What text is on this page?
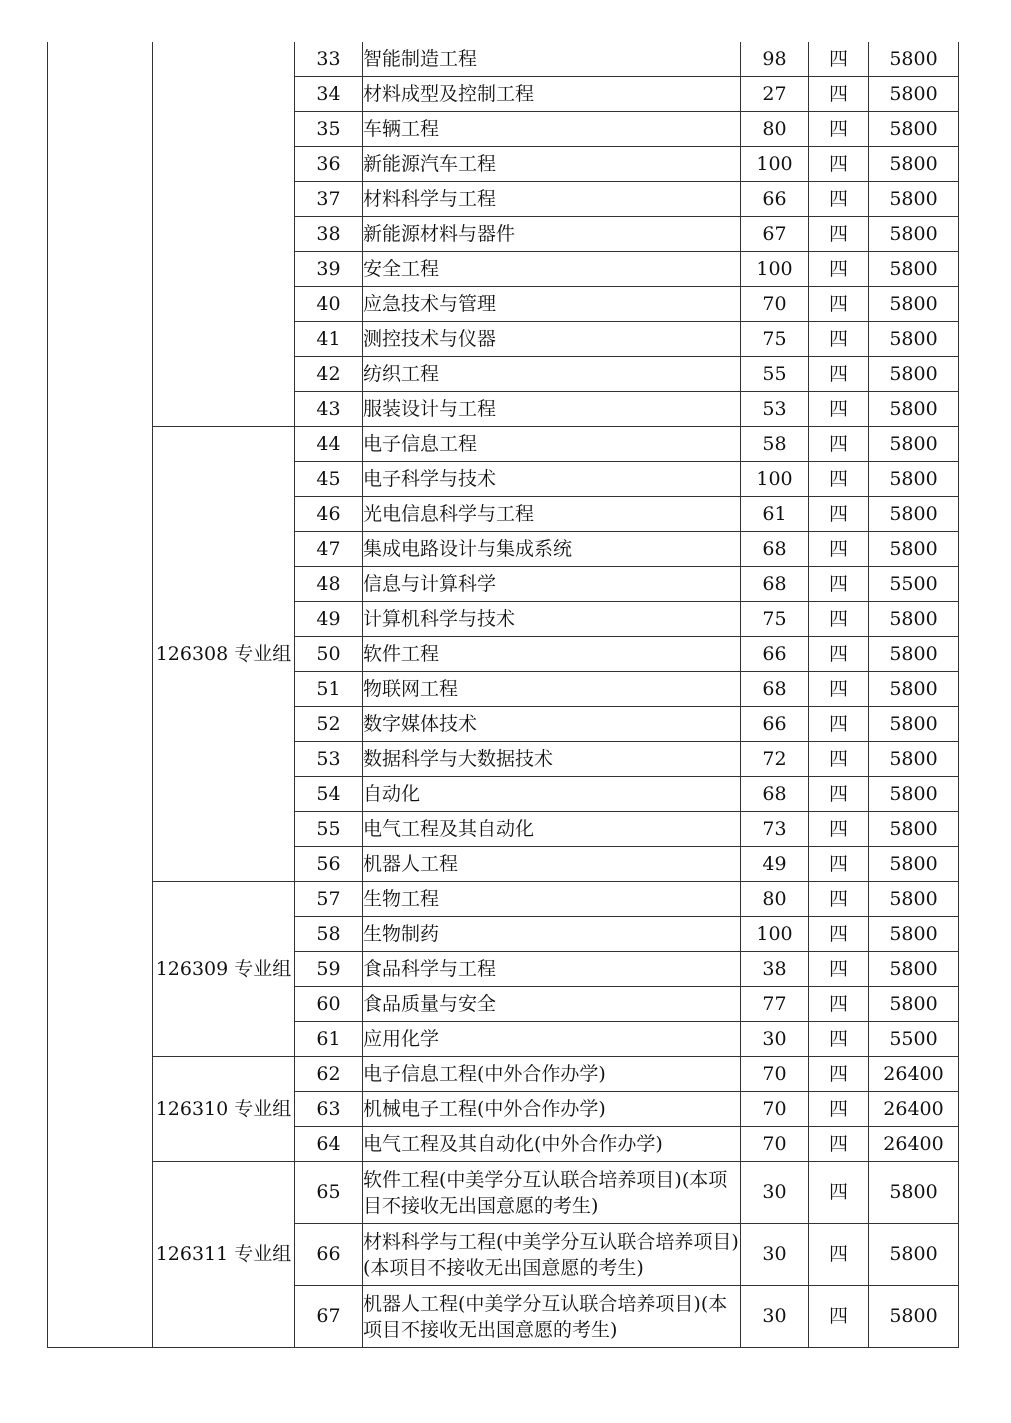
		33	智能制造工程	98	四	5800
		34	材料成型及控制工程	27	四	5800
		35	车辆工程	80	四	5800
		36	新能源汽车工程	100	四	5800
		37	材料科学与工程	66	四	5800
		38	新能源材料与器件	67	四	5800
		39	安全工程	100	四	5800
		40	应急技术与管理	70	四	5800
		41	测控技术与仪器	75	四	5800
		42	纺织工程	55	四	5800
		43	服装设计与工程	53	四	5800
	126308 专业组	44	电子信息工程	58	四	5800
		45	电子科学与技术	100	四	5800
		46	光电信息科学与工程	61	四	5800
		47	集成电路设计与集成系统	68	四	5800
		48	信息与计算科学	68	四	5500
		49	计算机科学与技术	75	四	5800
		50	软件工程	66	四	5800
		51	物联网工程	68	四	5800
		52	数字媒体技术	66	四	5800
		53	数据科学与大数据技术	72	四	5800
		54	自动化	68	四	5800
		55	电气工程及其自动化	73	四	5800
		56	机器人工程	49	四	5800
	126309 专业组	57	生物工程	80	四	5800
		58	生物制药	100	四	5800
		59	食品科学与工程	38	四	5800
		60	食品质量与安全	77	四	5800
		61	应用化学	30	四	5500
	126310 专业组	62	电子信息工程(中外合作办学)	70	四	26400
		63	机械电子工程(中外合作办学)	70	四	26400
		64	电气工程及其自动化(中外合作办学)	70	四	26400
	126311 专业组	65	软件工程(中美学分互认联合培养项目)(本项目不接收无出国意愿的考生)	30	四	5800
		66	材料科学与工程(中美学分互认联合培养项目)(本项目不接收无出国意愿的考生)	30	四	5800
		67	机器人工程(中美学分互认联合培养项目)(本项目不接收无出国意愿的考生)	30	四	5800
